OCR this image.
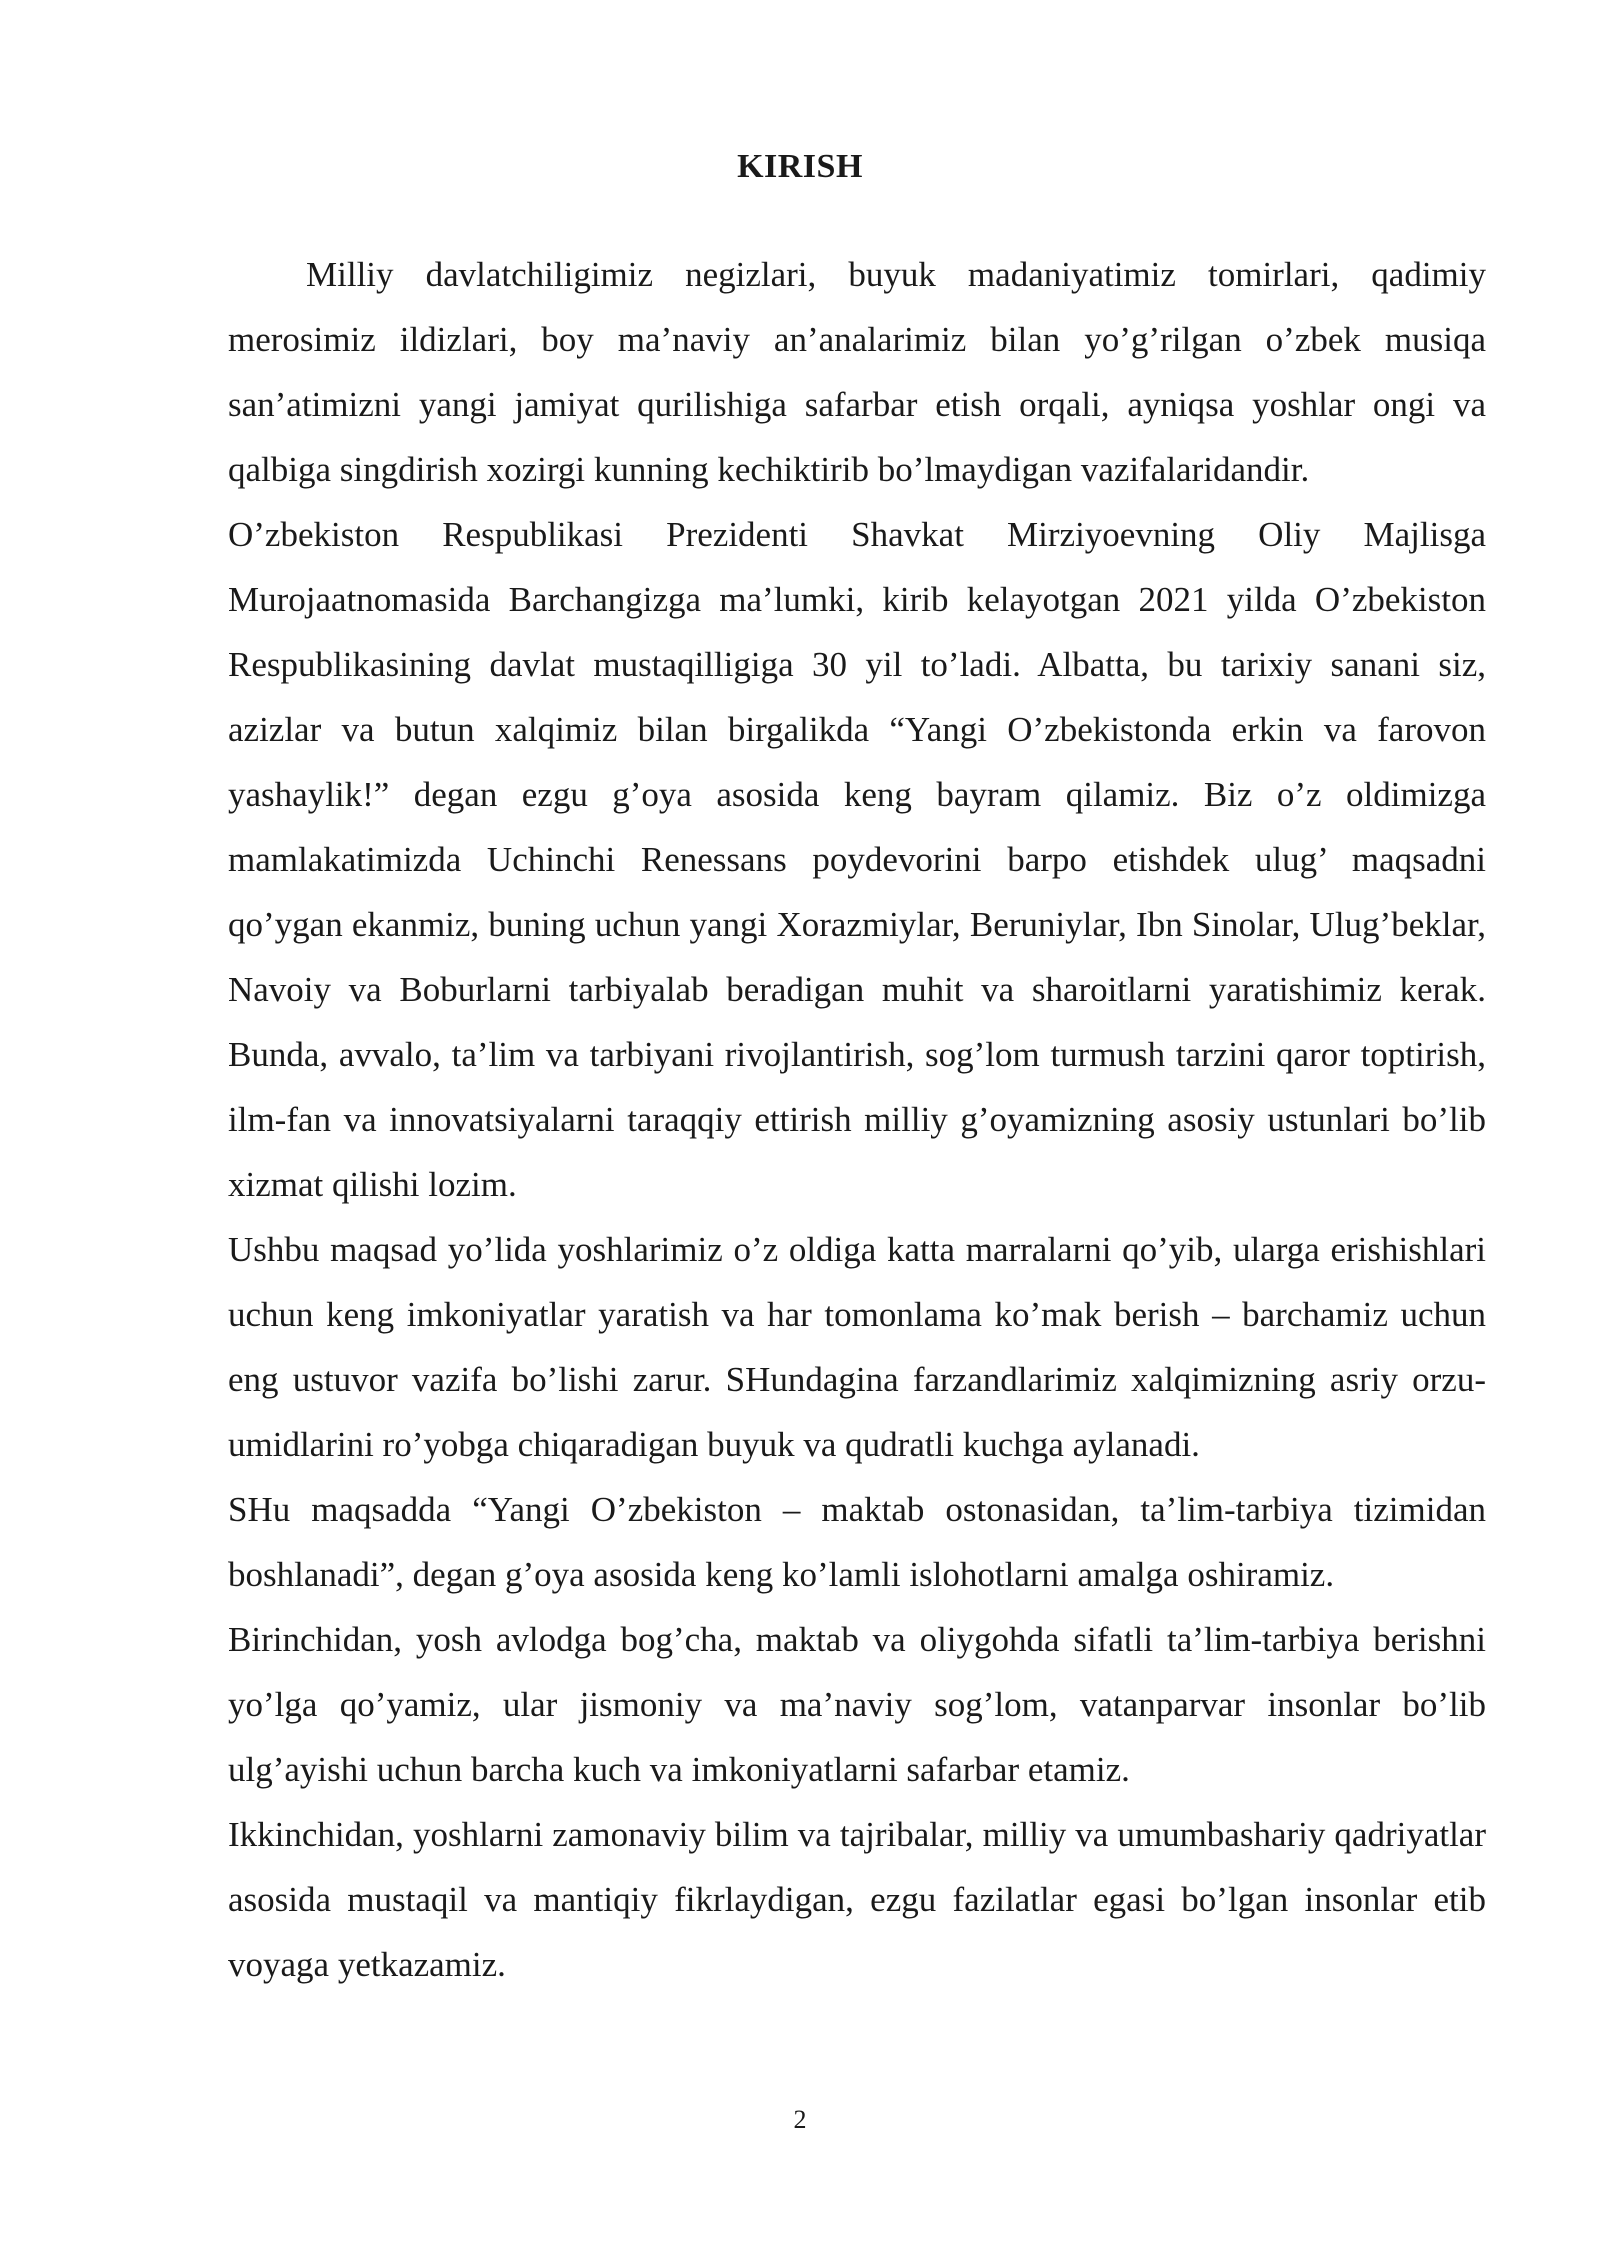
KIRISH

Milliy davlatchiligimiz negizlari, buyuk madaniyatimiz tomirlari, qadimiy merosimiz ildizlari, boy ma’naviy an’analarimiz bilan yo’g’rilgan o’zbek musiqa san’atimizni yangi jamiyat qurilishiga safarbar etish orqali, ayniqsa yoshlar ongi va qalbiga singdirish xozirgi kunning kechiktirib bo’lmaydigan vazifalaridandir.

O’zbekiston Respublikasi Prezidenti Shavkat Mirziyoevning Oliy Majlisga Murojaatnomasida Barchangizga ma’lumki, kirib kelayotgan 2021 yilda O’zbekiston Respublikasining davlat mustaqilligiga 30 yil to’ladi. Albatta, bu tarixiy sanani siz, azizlar va butun xalqimiz bilan birgalikda “Yangi O’zbekistonda erkin va farovon yashaylik!” degan ezgu g’oya asosida keng bayram qilamiz. Biz o’z oldimizga mamlakatimizda Uchinchi Renessans poydevorini barpo etishdek ulug’ maqsadni qo’ygan ekanmiz, buning uchun yangi Xorazmiylar, Beruniylar, Ibn Sinolar, Ulug’beklar, Navoiy va Boburlarni tarbiyalab beradigan muhit va sharoitlarni yaratishimiz kerak. Bunda, avvalo, ta’lim va tarbiyani rivojlantirish, sog’lom turmush tarzini qaror toptirish, ilm-fan va innovatsiyalarni taraqqiy ettirish milliy g’oyamizning asosiy ustunlari bo’lib xizmat qilishi lozim.

Ushbu maqsad yo’lida yoshlarimiz o’z oldiga katta marralarni qo’yib, ularga erishishlari uchun keng imkoniyatlar yaratish va har tomonlama ko’mak berish – barchamiz uchun eng ustuvor vazifa bo’lishi zarur. SHundagina farzandlarimiz xalqimizning asriy orzu-umidlarini ro’yobga chiqaradigan buyuk va qudratli kuchga aylanadi.

SHu maqsadda “Yangi O’zbekiston – maktab ostonasidan, ta’lim-tarbiya tizimidan boshlanadi”, degan g’oya asosida keng ko’lamli islohotlarni amalga oshiramiz.

Birinchidan, yosh avlodga bog’cha, maktab va oliygohda sifatli ta’lim-tarbiya berishni yo’lga qo’yamiz, ular jismoniy va ma’naviy sog’lom, vatanparvar insonlar bo’lib ulg’ayishi uchun barcha kuch va imkoniyatlarni safarbar etamiz.

Ikkinchidan, yoshlarni zamonaviy bilim va tajribalar, milliy va umumbashariy qadriyatlar asosida mustaqil va mantiqiy fikrlaydigan, ezgu fazilatlar egasi bo’lgan insonlar etib voyaga yetkazamiz.

2
